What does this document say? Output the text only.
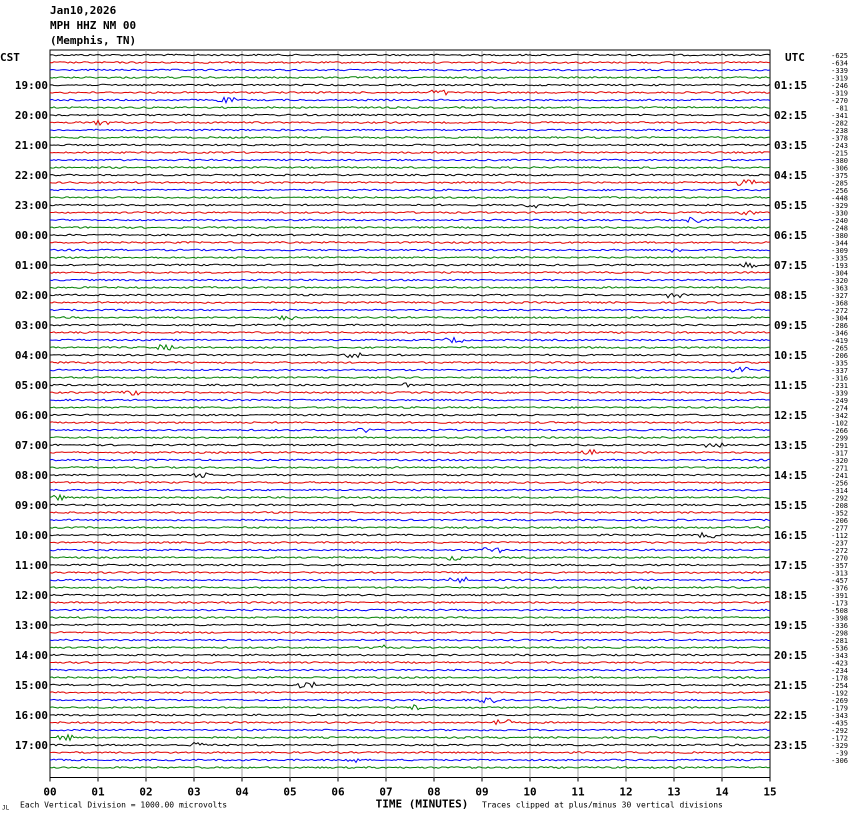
Jan10,2026
MPH HHZ NM 00
(Memphis, TN)
CST	UTC
19:00
20:00
21:00
22:00
23:00
00:00
01:00
02:00
03:00
04:00
05:00
06:00
07:00
08:00
09:00
10:00
11:00
12:00
13:00
14:00
15:00
16:00
17:00
01:15
02:15
03:15
04:15
05:15
06:15
07:15
08:15
09:15
10:15
11:15
12:15
13:15
14:15
15:15
16:15
17:15
18:15
19:15
20:15
21:15
22:15
23:15
-625
-634
-339
-319
-246
-319
-270
-81
-341
-282
-238
-378
-243
-215
-380
-306
-375
-285
-256
-448
-329
-330
-240
-248
-380
-344
-309
-335
-193
-304
-320
-363
-327
-368
-272
-304
-286
-346
-419
-265
-206
-335
-337
-316
-231
-339
-249
-274
-342
-102
-266
-299
-291
-317
-320
-271
-241
-256
-314
-292
-208
-352
-206
-277
-112
-237
-272
-270
-357
-313
-457
-376
-391
-173
-508
-398
-336
-298
-281
-536
-343
-423
-234
-178
-254
-192
-269
-179
-343
-435
-292
-172
-329
-39
-306
00	01	02	03	04	05	06	07	08	09	10	11	12	13	14	15
TIME (MINUTES)
JL Each Vertical Division = 1000.00 microvolts	Traces clipped at plus/minus 30 vertical divisions
